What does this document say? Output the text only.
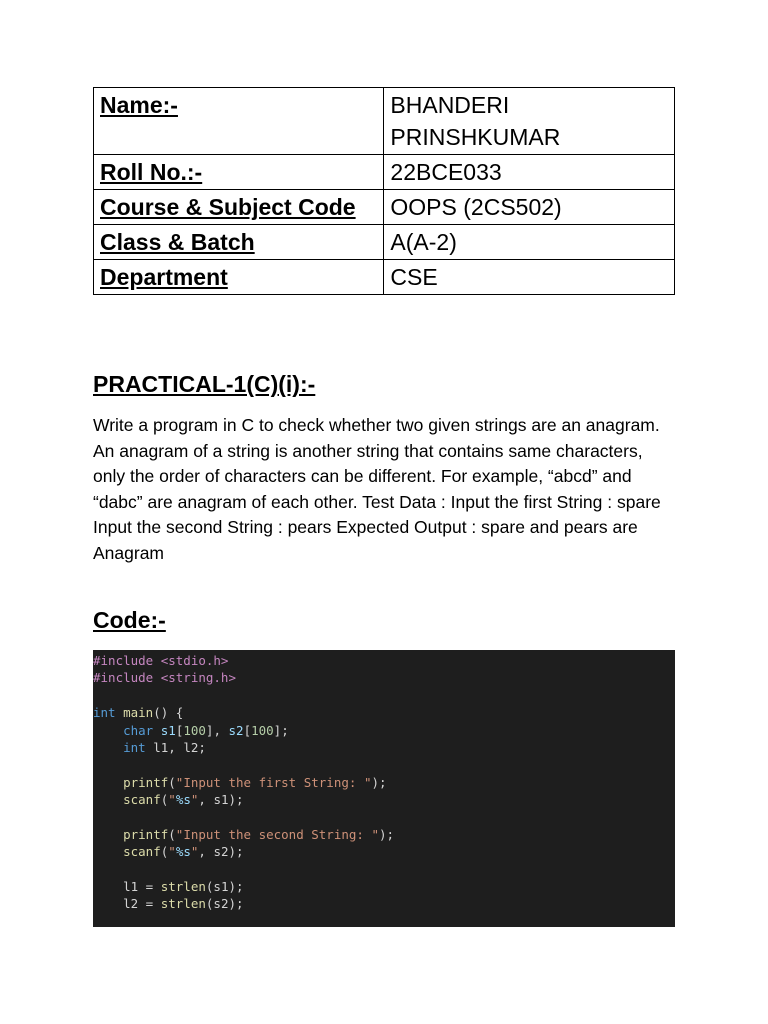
Name:-	BHANDERI PRINSHKUMAR
Roll No.:-	22BCE033
Course & Subject Code	OOPS (2CS502)
Class & Batch	A(A-2)
Department	CSE
PRACTICAL-1(C)(i):-

Write a program in C to check whether two given strings are an anagram. An anagram of a string is another string that contains same characters, only the order of characters can be different. For example, “abcd” and “dabc” are anagram of each other. Test Data : Input the first String : spare Input the second String : pears Expected Output : spare and pears are Anagram

Code:-
#include <stdio.h>
#include <string.h>

int main() {
char s1[100], s2[100];
int l1, l2;

printf("Input the first String: ");
scanf("%s", s1);

printf("Input the second String: ");
scanf("%s", s2);

l1 = strlen(s1);
l2 = strlen(s2);
